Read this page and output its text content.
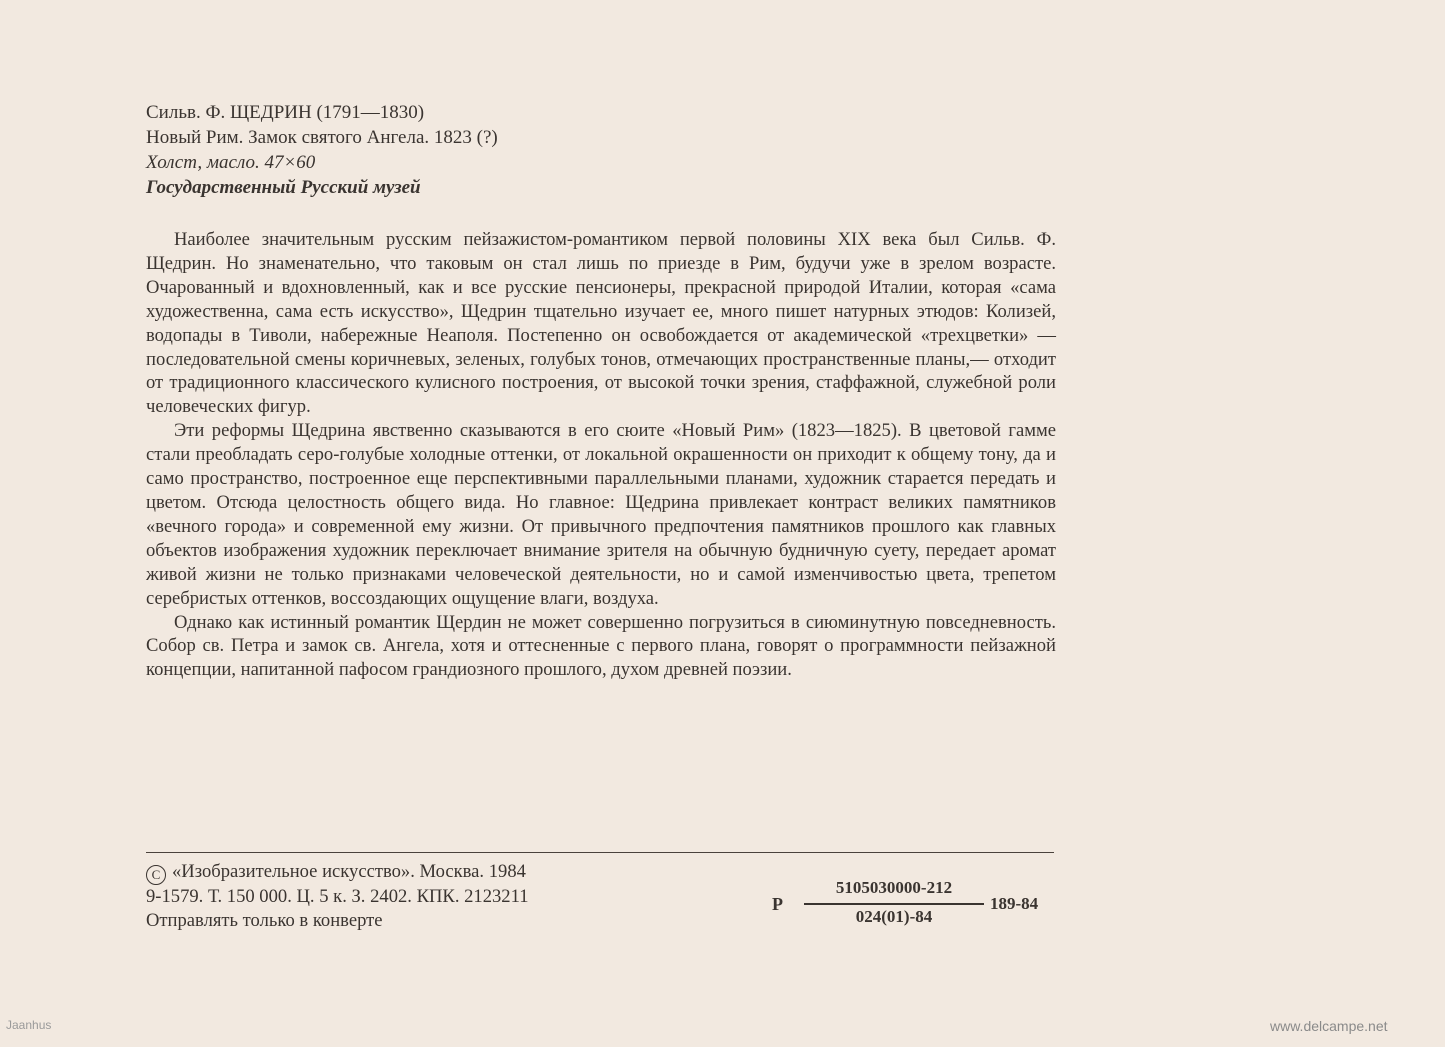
Сильв. Ф. ЩЕДРИН (1791—1830)
Новый Рим. Замок святого Ангела. 1823 (?)
Холст, масло. 47×60
Государственный Русский музей

Наиболее значительным русским пейзажистом-романтиком первой половины XIX века был Сильв. Ф. Щедрин. Но знаменательно, что таковым он стал лишь по приезде в Рим, будучи уже в зрелом возрасте. Очарованный и вдохновленный, как и все русские пенсионеры, прекрасной природой Италии, которая «сама художественна, сама есть искусство», Щедрин тщательно изучает ее, много пишет натурных этюдов: Колизей, водопады в Тиволи, набережные Неаполя. Постепенно он освобождается от академической «трехцветки» — последовательной смены коричневых, зеленых, голубых тонов, отмечающих пространственные планы,— отходит от традиционного классического кулисного построения, от высокой точки зрения, стаффажной, служебной роли человеческих фигур.

Эти реформы Щедрина явственно сказываются в его сюите «Новый Рим» (1823—1825). В цветовой гамме стали преобладать серо-голубые холодные оттенки, от локальной окрашенности он приходит к общему тону, да и само пространство, построенное еще перспективными параллельными планами, художник старается передать и цветом. Отсюда целостность общего вида. Но главное: Щедрина привлекает контраст великих памятников «вечного города» и современной ему жизни. От привычного предпочтения памятников прошлого как главных объектов изображения художник переключает внимание зрителя на обычную будничную суету, передает аромат живой жизни не только признаками человеческой деятельности, но и самой изменчивостью цвета, трепетом серебристых оттенков, воссоздающих ощущение влаги, воздуха.

Однако как истинный романтик Щердин не может совершенно погрузиться в сиюминутную повседневность. Собор св. Петра и замок св. Ангела, хотя и оттесненные с первого плана, говорят о программности пейзажной концепции, напитанной пафосом грандиозного прошлого, духом древней поэзии.

C «Изобразительное искусство». Москва. 1984
9-1579. Т. 150 000. Ц. 5 к. З. 2402. КПК. 2123211
Отправлять только в конверте
Р
5105030000-212
024(01)-84
189-84
Jaanhus	www.delcampe.net
